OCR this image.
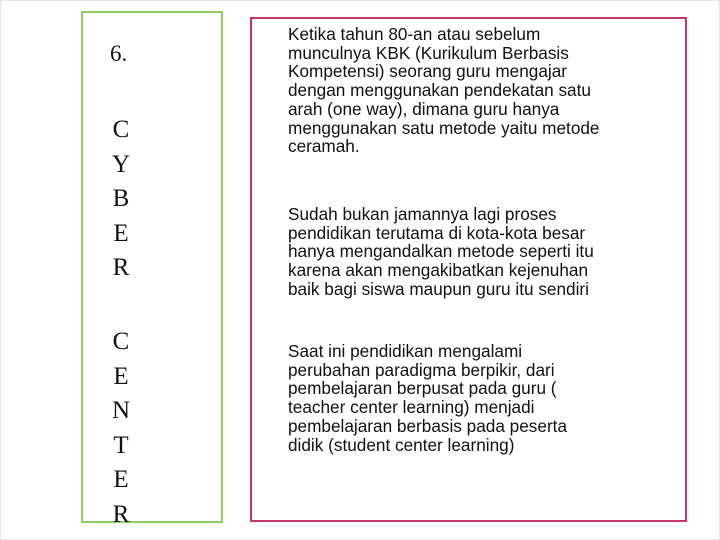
6.
C
Y
B
E
R
C
E
N
T
E
R
Ketika tahun 80-an atau sebelum
munculnya KBK (Kurikulum Berbasis
Kompetensi) seorang guru mengajar
dengan menggunakan pendekatan satu
arah (one way), dimana guru hanya
menggunakan satu metode yaitu metode
ceramah.
Sudah bukan jamannya lagi proses
pendidikan terutama di kota-kota besar
hanya mengandalkan metode seperti itu
karena akan mengakibatkan kejenuhan
baik bagi siswa maupun guru itu sendiri
Saat ini pendidikan mengalami
perubahan paradigma berpikir, dari
pembelajaran berpusat pada guru (
teacher center learning) menjadi
pembelajaran berbasis pada peserta
didik (student center learning)
